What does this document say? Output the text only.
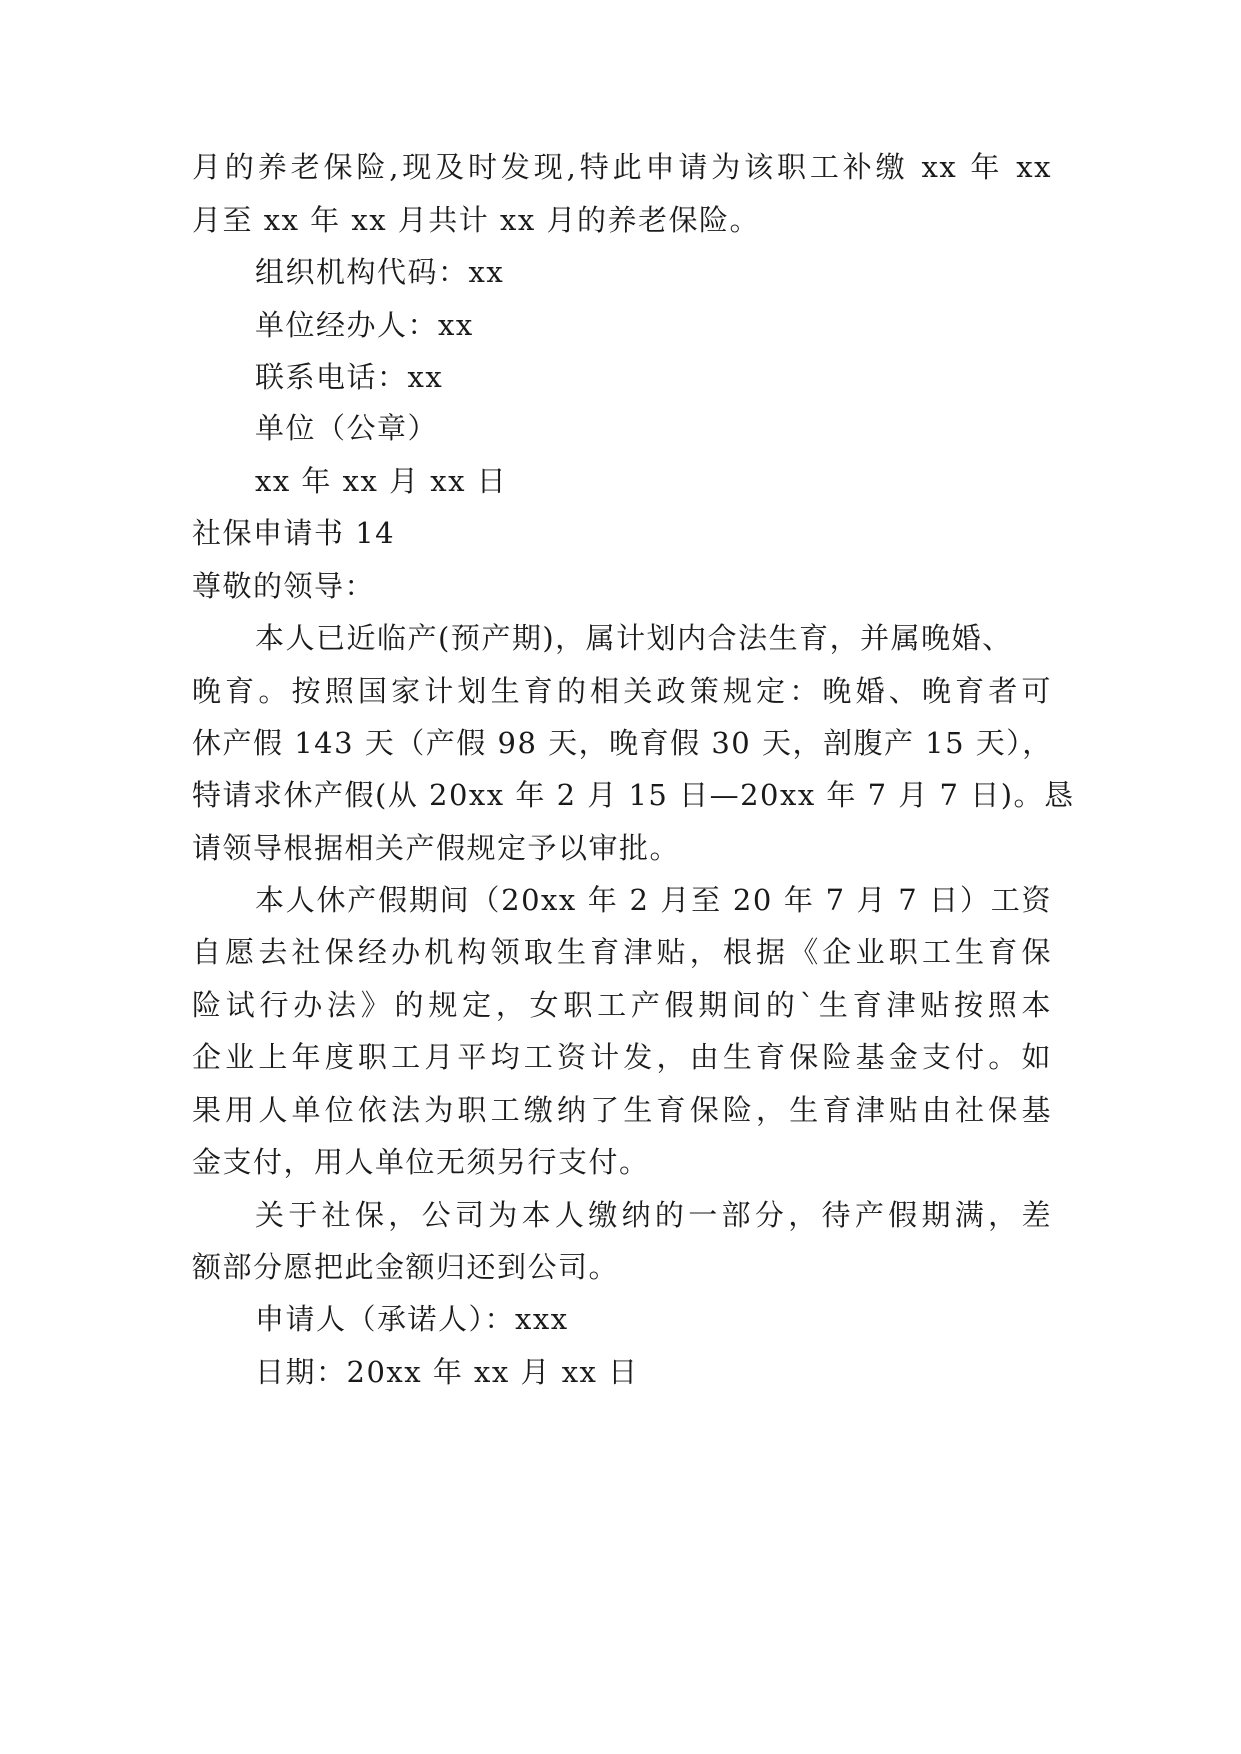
月的养老保险,现及时发现,特此申请为该职工补缴 xx 年 xx
月至 xx 年 xx 月共计 xx 月的养老保险。
组织机构代码：xx
单位经办人：xx
联系电话：xx
单位（公章）
xx 年 xx 月 xx 日
社保申请书 14
尊敬的领导：
本人已近临产(预产期)，属计划内合法生育，并属晚婚、
晚育。按照国家计划生育的相关政策规定：晚婚、晚育者可
休产假 143 天（产假 98 天，晚育假 30 天，剖腹产 15 天），
特请求休产假(从 20xx 年 2 月 15 日—20xx 年 7 月 7 日)。恳
请领导根据相关产假规定予以审批。
本人休产假期间（20xx 年 2 月至 20 年 7 月 7 日）工资
自愿去社保经办机构领取生育津贴，根据《企业职工生育保
险试行办法》的规定，女职工产假期间的`生育津贴按照本
企业上年度职工月平均工资计发，由生育保险基金支付。如
果用人单位依法为职工缴纳了生育保险，生育津贴由社保基
金支付，用人单位无须另行支付。
关于社保，公司为本人缴纳的一部分，待产假期满，差
额部分愿把此金额归还到公司。
申请人（承诺人）：xxx
日期：20xx 年 xx 月 xx 日
